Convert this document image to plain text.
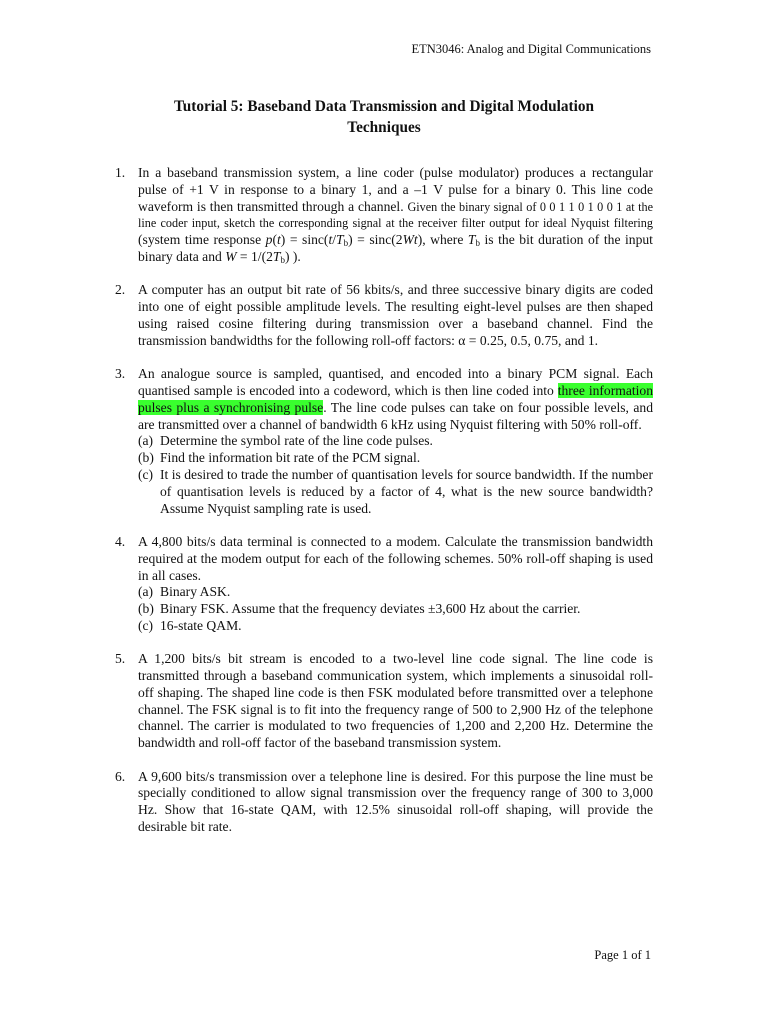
ETN3046: Analog and Digital Communications
Tutorial 5: Baseband Data Transmission and Digital Modulation
Techniques
1. In a baseband transmission system, a line coder (pulse modulator) produces a rectangular pulse of +1 V in response to a binary 1, and a –1 V pulse for a binary 0. This line code waveform is then transmitted through a channel. Given the binary signal of 0 0 1 1 0 1 0 0 1 at the line coder input, sketch the corresponding signal at the receiver filter output for ideal Nyquist filtering (system time response $p(t) = \sin c(t/T_b) = \sin c(2Wt)$, where $T_b$ is the bit duration of the input binary data and $W = 1/(2T_b)$ ).
2. A computer has an output bit rate of 56 kbits/s, and three successive binary digits are coded into one of eight possible amplitude levels. The resulting eight-level pulses are then shaped using raised cosine filtering during transmission over a baseband channel. Find the transmission bandwidths for the following roll-off factors: α = 0.25, 0.5, 0.75, and 1.
3. An analogue source is sampled, quantised, and encoded into a binary PCM signal. Each quantised sample is encoded into a codeword, which is then line coded into three information pulses plus a synchronising pulse. The line code pulses can take on four possible levels, and are transmitted over a channel of bandwidth 6 kHz using Nyquist filtering with 50% roll-off.
(a) Determine the symbol rate of the line code pulses.
(b) Find the information bit rate of the PCM signal.
(c) It is desired to trade the number of quantisation levels for source bandwidth. If the number of quantisation levels is reduced by a factor of 4, what is the new source bandwidth? Assume Nyquist sampling rate is used.
4. A 4,800 bits/s data terminal is connected to a modem. Calculate the transmission bandwidth required at the modem output for each of the following schemes. 50% roll-off shaping is used in all cases.
(a) Binary ASK.
(b) Binary FSK. Assume that the frequency deviates ±3,600 Hz about the carrier.
(c) 16-state QAM.
5. A 1,200 bits/s bit stream is encoded to a two-level line code signal. The line code is transmitted through a baseband communication system, which implements a sinusoidal roll-off shaping. The shaped line code is then FSK modulated before transmitted over a telephone channel. The FSK signal is to fit into the frequency range of 500 to 2,900 Hz of the telephone channel. The carrier is modulated to two frequencies of 1,200 and 2,200 Hz. Determine the bandwidth and roll-off factor of the baseband transmission system.
6. A 9,600 bits/s transmission over a telephone line is desired. For this purpose the line must be specially conditioned to allow signal transmission over the frequency range of 300 to 3,000 Hz. Show that 16-state QAM, with 12.5% sinusoidal roll-off shaping, will provide the desirable bit rate.
Page 1 of 1
